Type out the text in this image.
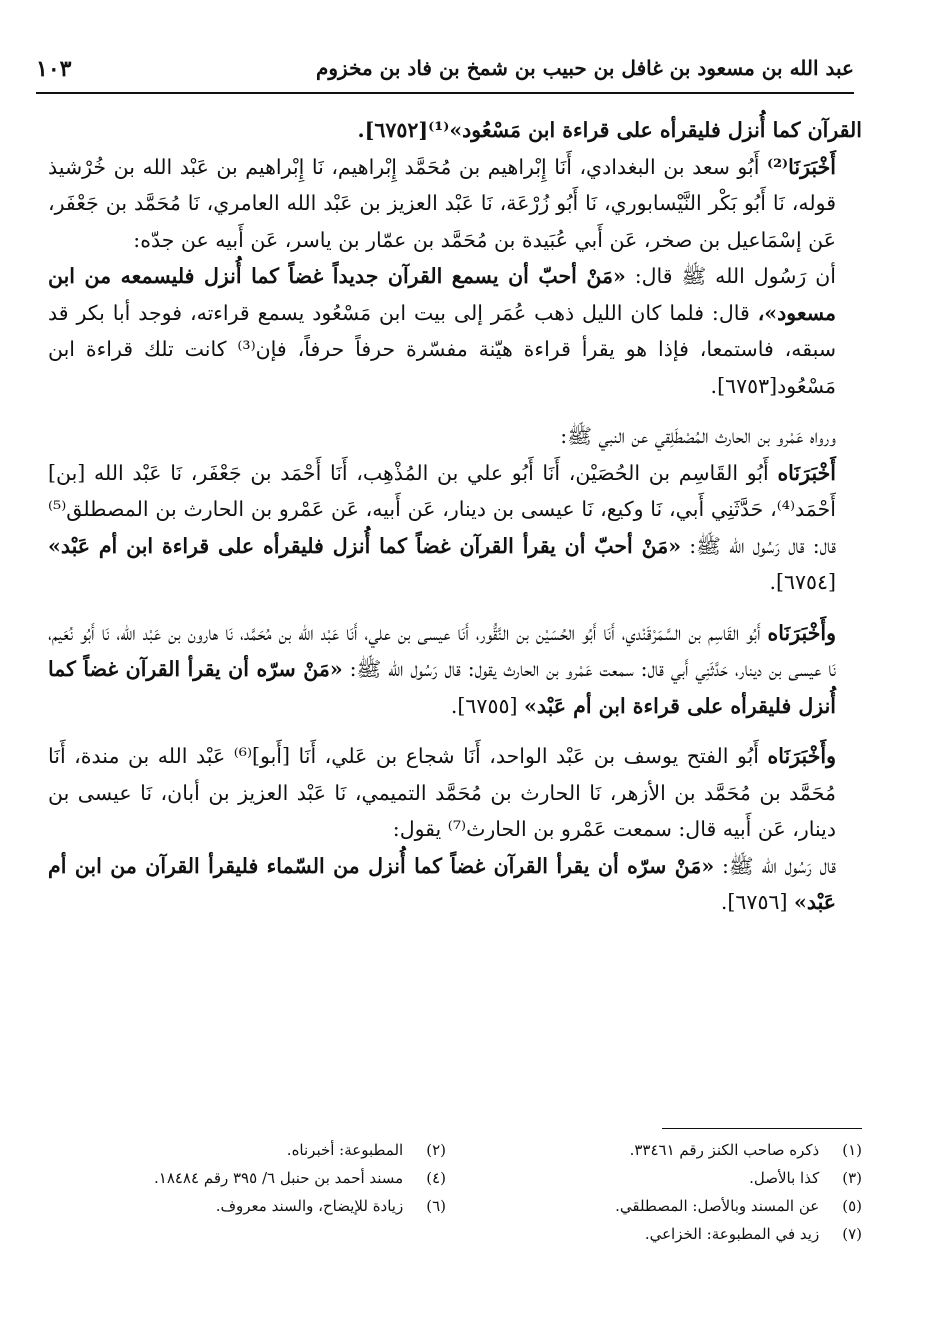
عبد الله بن مسعود بن غافل بن حبيب بن شمخ بن فاد بن مخزوم
١٠٣

القرآن كما أُنزل فليقرأه على قراءة ابن مَسْعُود»⁽¹⁾[٦٧٥٢].

أَخْبَرَنَا⁽²⁾ أَبُو سعد بن البغدادي، أَنَا إِبْراهيم بن مُحَمَّد إِبْراهيم، نَا إِبْراهيم بن عَبْد الله بن خُرْشيذ قوله، نَا أَبُو بَكْر النَّيْسابوري، نَا أَبُو زُرْعَة، نَا عَبْد العزيز بن عَبْد الله العامري، نَا مُحَمَّد بن جَعْفَر، عَن إسْمَاعيل بن صخر، عَن أَبي عُبَيدة بن مُحَمَّد بن عمّار بن ياسر، عَن أَبيه عن جدّه:

أن رَسُول الله ﷺ قال: «مَنْ أحبّ أن يسمع القرآن جديداً غضاً كما أُنزل فليسمعه من ابن مسعود»، قال: فلما كان الليل ذهب عُمَر إلى بيت ابن مَسْعُود يسمع قراءته، فوجد أبا بكر قد سبقه، فاستمعا، فإذا هو يقرأ قراءة هيّنة مفسّرة حرفاً حرفاً، فإن⁽³⁾ كانت تلك قراءة ابن مَسْعُود[٦٧٥٣].

ورواه عَمْرو بن الحارث المُصْطَلِقي عن النبي ﷺ:

أَخْبَرَنَاه أَبُو القَاسِم بن الحُصَيْن، أَنَا أَبُو علي بن المُذْهِب، أَنَا أَحْمَد بن جَعْفَر، نَا عَبْد الله [بن] أَحْمَد⁽⁴⁾، حَدَّثَنِي أَبي، نَا وكيع، نَا عيسى بن دينار، عَن أَبيه، عَن عَمْرو بن الحارث بن المصطلق⁽⁵⁾ قال: قال رَسُول الله ﷺ: «مَنْ أحبّ أن يقرأ القرآن غضاً كما أُنزل فليقرأه على قراءة ابن أم عَبْد» [٦٧٥٤].

وأَخْبَرَنَاه أَبُو القَاسِم بن السَّمَرْقَنْدي، أَنَا أَبُو الحُسَيْن بن النَّقُّور، أَنَا عيسى بن علي، أَنَا عَبْد الله بن مُحَمَّد، نَا هارون بن عَبْد الله، نَا أَبُو نُعَيم، نَا عيسى بن دينار، حَدَّثَنِي أَبي قال: سمعت عَمْرو بن الحارث يقول: قال رَسُول الله ﷺ: «مَنْ سرّه أن يقرأ القرآن غضاً كما أُنزل فليقرأه على قراءة ابن أم عَبْد» [٦٧٥٥].

وأَخْبَرَنَاه أَبُو الفتح يوسف بن عَبْد الواحد، أَنَا شجاع بن عَلي، أَنَا [أَبو]⁽⁶⁾ عَبْد الله بن مندة، أَنَا مُحَمَّد بن مُحَمَّد بن الأزهر، نَا الحارث بن مُحَمَّد التميمي، نَا عَبْد العزيز بن أبان، نَا عيسى بن دينار، عَن أَبيه قال: سمعت عَمْرو بن الحارث⁽⁷⁾ يقول:

قال رَسُول الله ﷺ: «مَنْ سرّه أن يقرأ القرآن غضاً كما أُنزل من السّماء فليقرأ القرآن من ابن أم عَبْد» [٦٧٥٦].

(١) ذكره صاحب الكنز رقم ٣٣٤٦١.
(٢) المطبوعة: أخبرناه.
(٣) كذا بالأصل.
(٤) مسند أحمد بن حنبل ٦/ ٣٩٥ رقم ١٨٤٨٤.
(٥) عن المسند وبالأصل: المصطلقي.
(٦) زيادة للإيضاح، والسند معروف.
(٧) زيد في المطبوعة: الخزاعي.
